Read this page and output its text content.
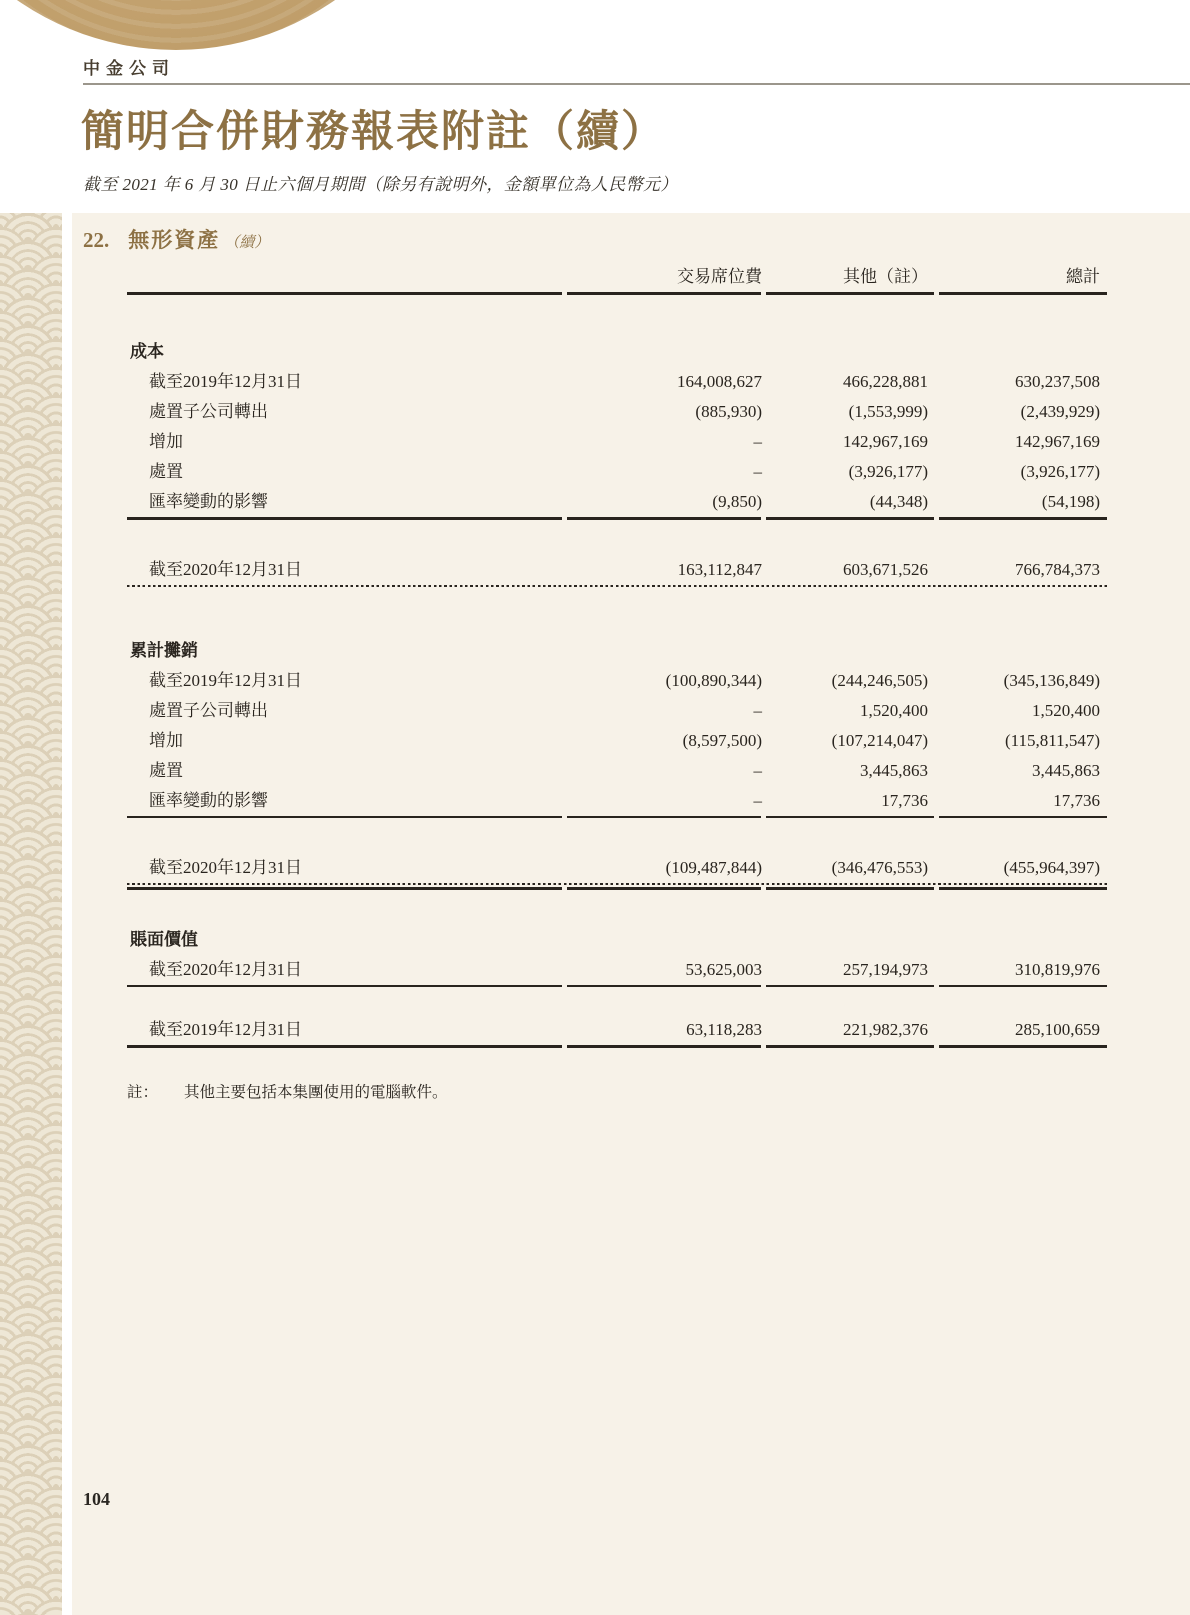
中金公司
簡明合併財務報表附註（續）
截至 2021 年 6 月 30 日止六個月期間（除另有說明外，金額單位為人民幣元）
22. 無形資產 （續）
交易席位費	其他（註）	總計
成本
截至2019年12月31日	164,008,627	466,228,881	630,237,508
處置子公司轉出	(885,930)	(1,553,999)	(2,439,929)
增加	–	142,967,169	142,967,169
處置	–	(3,926,177)	(3,926,177)
匯率變動的影響	(9,850)	(44,348)	(54,198)
截至2020年12月31日	163,112,847	603,671,526	766,784,373
累計攤銷
截至2019年12月31日	(100,890,344)	(244,246,505)	(345,136,849)
處置子公司轉出	–	1,520,400	1,520,400
增加	(8,597,500)	(107,214,047)	(115,811,547)
處置	–	3,445,863	3,445,863
匯率變動的影響	–	17,736	17,736
截至2020年12月31日	(109,487,844)	(346,476,553)	(455,964,397)
賬面價值
截至2020年12月31日	53,625,003	257,194,973	310,819,976
截至2019年12月31日	63,118,283	221,982,376	285,100,659
註： 其他主要包括本集團使用的電腦軟件。
104
